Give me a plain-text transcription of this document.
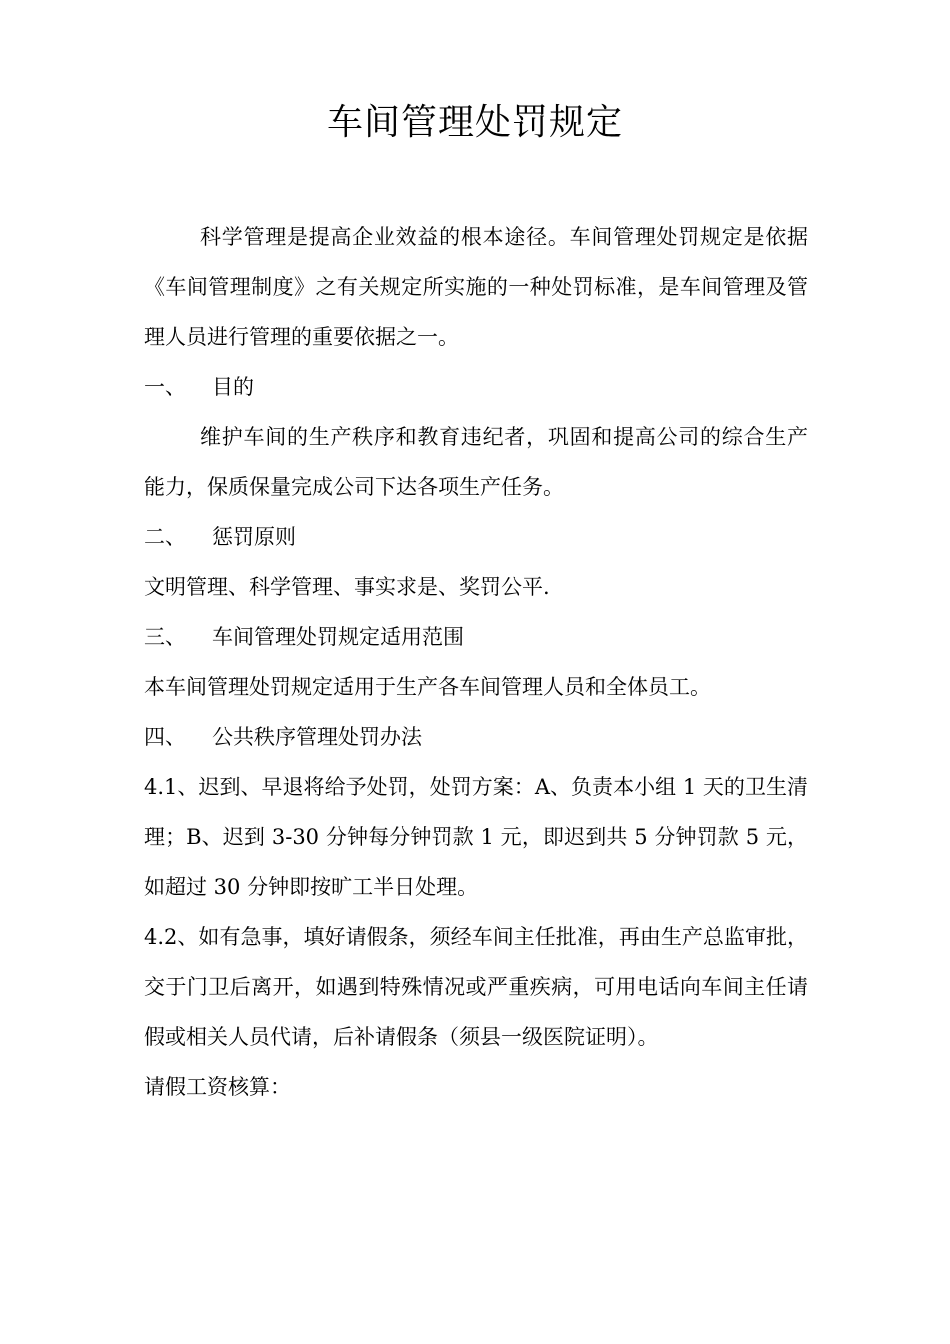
车间管理处罚规定

科学管理是提高企业效益的根本途径。车间管理处罚规定是依据《车间管理制度》之有关规定所实施的一种处罚标准，是车间管理及管理人员进行管理的重要依据之一。

一、 目的

维护车间的生产秩序和教育违纪者，巩固和提高公司的综合生产能力，保质保量完成公司下达各项生产任务。

二、 惩罚原则

文明管理、科学管理、事实求是、奖罚公平.

三、 车间管理处罚规定适用范围

本车间管理处罚规定适用于生产各车间管理人员和全体员工。

四、 公共秩序管理处罚办法

4.1、迟到、早退将给予处罚，处罚方案：A、负责本小组 1 天的卫生清理；B、迟到 3-30 分钟每分钟罚款 1 元，即迟到共 5 分钟罚款 5 元，如超过 30 分钟即按旷工半日处理。

4.2、如有急事，填好请假条，须经车间主任批准，再由生产总监审批，交于门卫后离开，如遇到特殊情况或严重疾病，可用电话向车间主任请假或相关人员代请，后补请假条（须县一级医院证明）。

请假工资核算：
